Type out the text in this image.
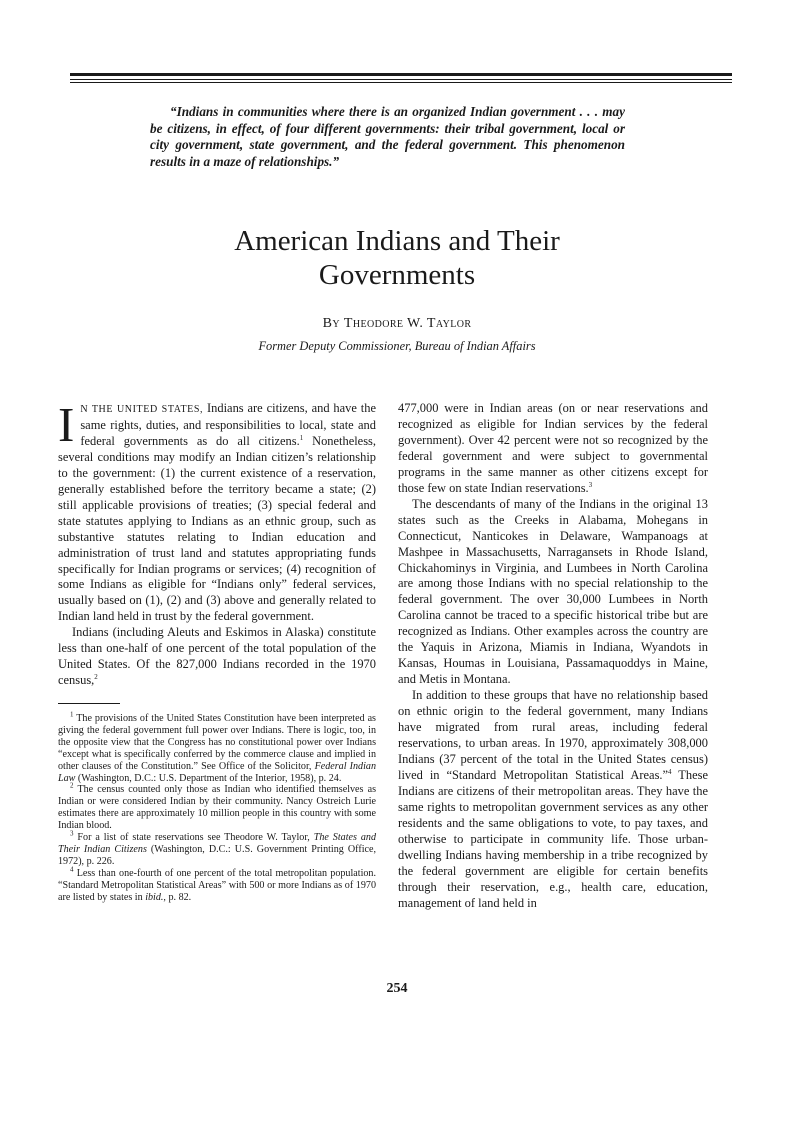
“Indians in communities where there is an organized Indian government . . . may be citizens, in effect, of four different governments: their tribal government, local or city government, state government, and the federal government. This phenomenon results in a maze of relationships.”

American Indians and Their
Governments

By Theodore W. Taylor

Former Deputy Commissioner, Bureau of Indian Affairs

IN THE UNITED STATES, Indians are citizens, and have the same rights, duties, and responsibilities to local, state and federal governments as do all citizens.$^1$ Nonetheless, several conditions may modify an Indian citizen’s relationship to the government: (1) the current existence of a reservation, generally established before the territory became a state; (2) still applicable provisions of treaties; (3) special federal and state statutes applying to Indians as an ethnic group, such as substantive statutes relating to Indian education and administration of trust land and statutes appropriating funds specifically for Indian programs or services; (4) recognition of some Indians as eligible for “Indians only” federal services, usually based on (1), (2) and (3) above and generally related to Indian land held in trust by the federal government.

Indians (including Aleuts and Eskimos in Alaska) constitute less than one-half of one percent of the total population of the United States. Of the 827,000 Indians recorded in the 1970 census,$^2$

$^1$ The provisions of the United States Constitution have been interpreted as giving the federal government full power over Indians. There is logic, too, in the opposite view that the Congress has no constitutional power over Indians “except what is specifically conferred by the commerce clause and implied in other clauses of the Constitution.” See Office of the Solicitor, Federal Indian Law (Washington, D.C.: U.S. Department of the Interior, 1958), p. 24.

$^2$ The census counted only those as Indian who identified themselves as Indian or were considered Indian by their community. Nancy Ostreich Lurie estimates there are approximately 10 million people in this country with some Indian blood.

$^3$ For a list of state reservations see Theodore W. Taylor, The States and Their Indian Citizens (Washington, D.C.: U.S. Government Printing Office, 1972), p. 226.

$^4$ Less than one-fourth of one percent of the total metropolitan population. “Standard Metropolitan Statistical Areas” with 500 or more Indians as of 1970 are listed by states in ibid., p. 82.

477,000 were in Indian areas (on or near reservations and recognized as eligible for Indian services by the federal government). Over 42 percent were not so recognized by the federal government and were subject to governmental programs in the same manner as other citizens except for those few on state Indian reservations.$^3$

The descendants of many of the Indians in the original 13 states such as the Creeks in Alabama, Mohegans in Connecticut, Nanticokes in Delaware, Wampanoags at Mashpee in Massachusetts, Narragansets in Rhode Island, Chickahominys in Virginia, and Lumbees in North Carolina are among those Indians with no special relationship to the federal government. The over 30,000 Lumbees in North Carolina cannot be traced to a specific historical tribe but are recognized as Indians. Other examples across the country are the Yaquis in Arizona, Miamis in Indiana, Wyandots in Kansas, Houmas in Louisiana, Passamaquoddys in Maine, and Metis in Montana.

In addition to these groups that have no relationship based on ethnic origin to the federal government, many Indians have migrated from rural areas, including federal reservations, to urban areas. In 1970, approximately 308,000 Indians (37 percent of the total in the United States census) lived in “Standard Metropolitan Statistical Areas.”$^4$ These Indians are citizens of their metropolitan areas. They have the same rights to metropolitan government services as any other residents and the same obligations to vote, to pay taxes, and otherwise to participate in community life. Those urban-dwelling Indians having membership in a tribe recognized by the federal government are eligible for certain benefits through their reservation, e.g., health care, education, management of land held in

254
